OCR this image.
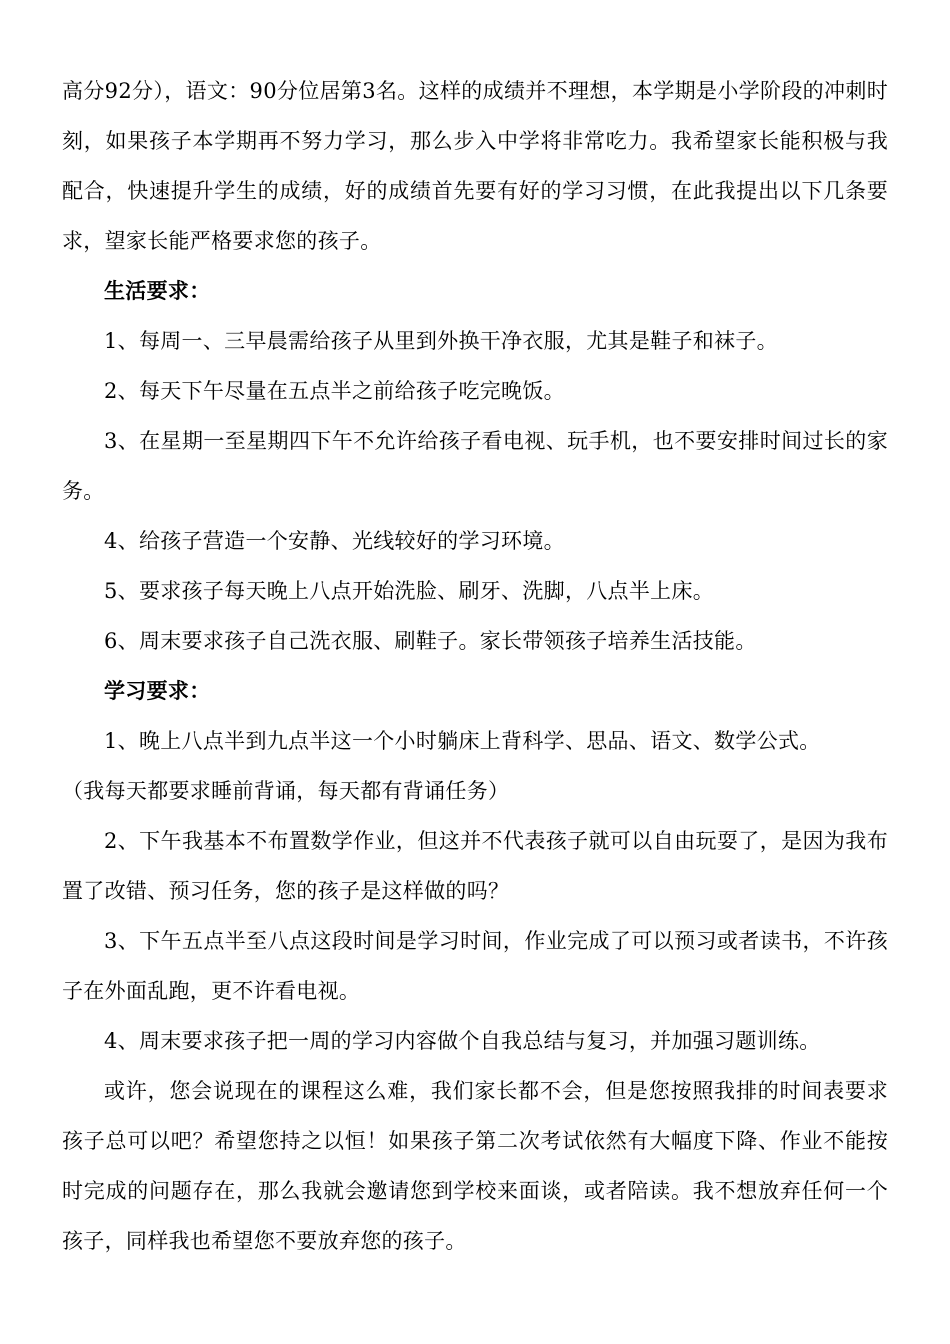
高分92分），语文：90分位居第3名。这样的成绩并不理想，本学期是小学阶段的冲刺时刻，如果孩子本学期再不努力学习，那么步入中学将非常吃力。我希望家长能积极与我配合，快速提升学生的成绩，好的成绩首先要有好的学习习惯，在此我提出以下几条要求，望家长能严格要求您的孩子。

生活要求：

1、每周一、三早晨需给孩子从里到外换干净衣服，尤其是鞋子和袜子。

2、每天下午尽量在五点半之前给孩子吃完晚饭。

3、在星期一至星期四下午不允许给孩子看电视、玩手机，也不要安排时间过长的家务。

4、给孩子营造一个安静、光线较好的学习环境。

5、要求孩子每天晚上八点开始洗脸、刷牙、洗脚，八点半上床。

6、周末要求孩子自己洗衣服、刷鞋子。家长带领孩子培养生活技能。

学习要求：

1、晚上八点半到九点半这一个小时躺床上背科学、思品、语文、数学公式。

（我每天都要求睡前背诵，每天都有背诵任务）

2、下午我基本不布置数学作业，但这并不代表孩子就可以自由玩耍了，是因为我布置了改错、预习任务，您的孩子是这样做的吗？

3、下午五点半至八点这段时间是学习时间，作业完成了可以预习或者读书，不许孩子在外面乱跑，更不许看电视。

4、周末要求孩子把一周的学习内容做个自我总结与复习，并加强习题训练。

或许，您会说现在的课程这么难，我们家长都不会，但是您按照我排的时间表要求孩子总可以吧？希望您持之以恒！如果孩子第二次考试依然有大幅度下降、作业不能按时完成的问题存在，那么我就会邀请您到学校来面谈，或者陪读。我不想放弃任何一个孩子，同样我也希望您不要放弃您的孩子。
